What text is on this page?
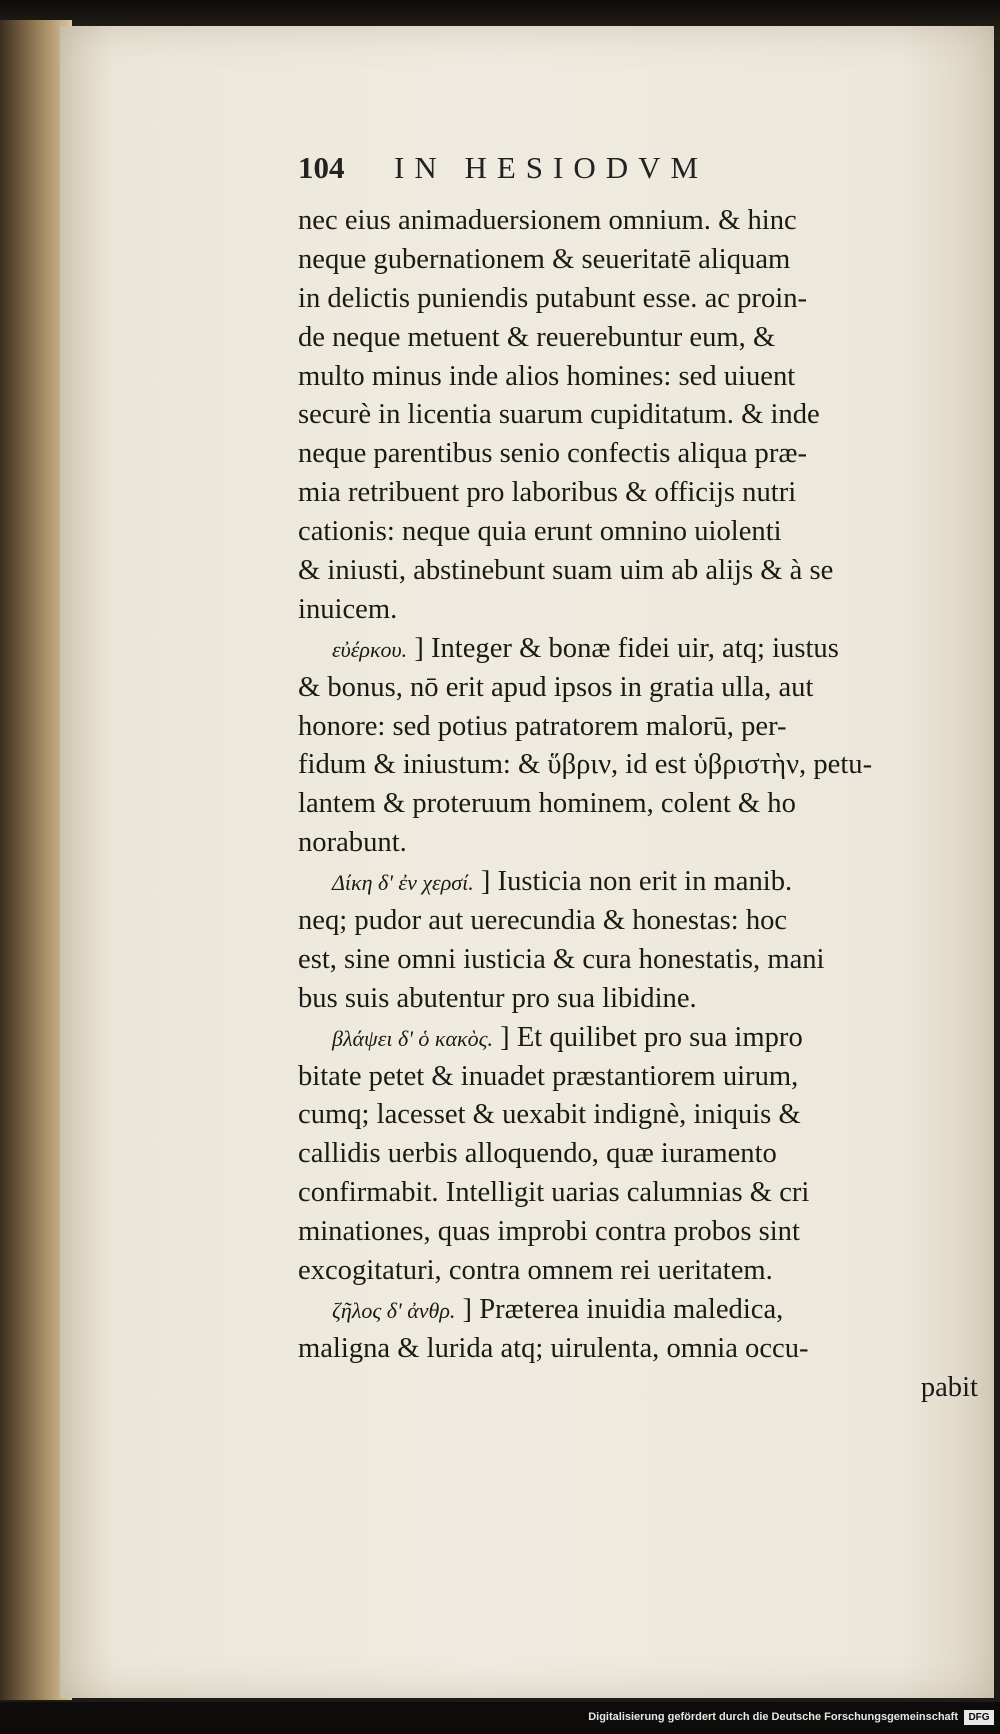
104	IN HESIODVM
nec eius animaduersionem omnium. & hinc
neque gubernationem & seueritatē aliquam
in delictis puniendis putabunt esse. ac proin-
de neque metuent & reuerebuntur eum, &
multo minus inde alios homines: sed uiuent
securè in licentia suarum cupiditatum. & inde
neque parentibus senio confectis aliqua præ-
mia retribuent pro laboribus & officijs nutri
cationis: neque quia erunt omnino uiolenti
& iniusti, abstinebunt suam uim ab alijs & à se
inuicem.
εὐέρκου. ] Integer & bonæ fidei uir, atq; iustus
& bonus, nō erit apud ipsos in gratia ulla, aut
honore: sed potius patratorem malorū, per-
fidum & iniustum: & ὕβριν, id est ὑβριστὴν, petu-
lantem & proteruum hominem, colent & ho
norabunt.
Δίκη δ' ἐν χερσί. ] Iusticia non erit in manib.
neq; pudor aut uerecundia & honestas: hoc
est, sine omni iusticia & cura honestatis, mani
bus suis abutentur pro sua libidine.
βλάψει δ' ὁ κακὸς. ] Et quilibet pro sua impro
bitate petet & inuadet præstantiorem uirum,
cumq; lacesset & uexabit indignè, iniquis &
callidis uerbis alloquendo, quæ iuramento
confirmabit. Intelligit uarias calumnias & cri
minationes, quas improbi contra probos sint
excogitaturi, contra omnem rei ueritatem.
ζῆλος δ' ἀνθρ. ] Præterea inuidia maledica,
maligna & lurida atq; uirulenta, omnia occu-
pabit
Digitalisierung gefördert durch die Deutsche Forschungsgemeinschaft	DFG
